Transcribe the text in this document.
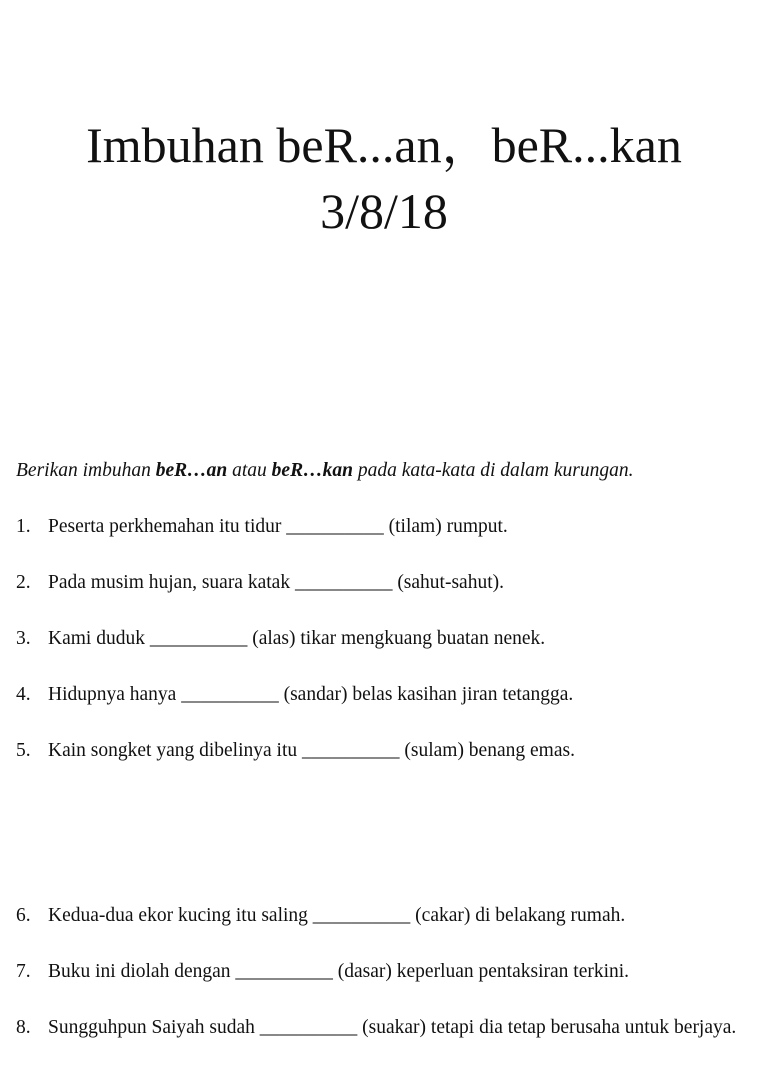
Imbuhan beR...an，beR...kan
3/8/18
Berikan imbuhan beR…an atau beR…kan pada kata-kata di dalam kurungan.
1. Peserta perkhemahan itu tidur __________ (tilam) rumput.
2. Pada musim hujan, suara katak __________ (sahut-sahut).
3. Kami duduk __________ (alas) tikar mengkuang buatan nenek.
4. Hidupnya hanya __________ (sandar) belas kasihan jiran tetangga.
5. Kain songket yang dibelinya itu __________ (sulam) benang emas.
6. Kedua-dua ekor kucing itu saling __________ (cakar) di belakang rumah.
7. Buku ini diolah dengan __________ (dasar) keperluan pentaksiran terkini.
8. Sungguhpun Saiyah sudah __________ (suakar) tetapi dia tetap berusaha untuk berjaya.
